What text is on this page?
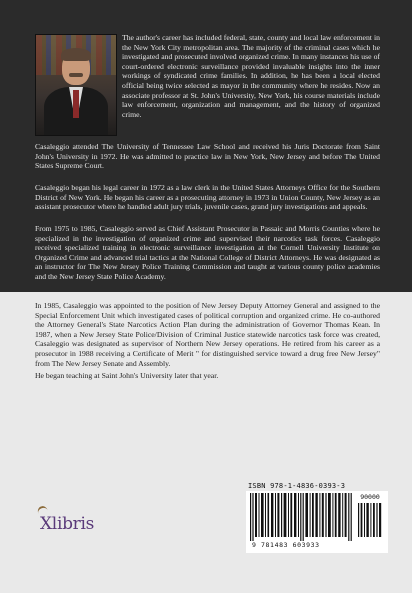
The author's career has included federal, state, county and local law enforcement in the New York City metropolitan area. The majority of the criminal cases which he investigated and prosecuted involved organized crime. In many instances his use of court-ordered electronic surveillance provided invaluable insights into the inner workings of syndicated crime families. In addition, he has been a local elected official being twice selected as mayor in the community where he resides. Now an associate professor at St. John's University, New York, his course materials include law enforcement, organization and management, and the history of organized crime.

Casaleggio attended The University of Tennessee Law School and received his Juris Doctorate from Saint John's University in 1972. He was admitted to practice law in New York, New Jersey and before The United States Supreme Court.

Casaleggio began his legal career in 1972 as a law clerk in the United States Attorneys Office for the Southern District of New York. He began his career as a prosecuting attorney in 1973 in Union County, New Jersey as an assistant prosecutor where he handled adult jury trials, juvenile cases, grand jury investigations and appeals.

From 1975 to 1985, Casaleggio served as Chief Assistant Prosecutor in Passaic and Morris Counties where he specialized in the investigation of organized crime and supervised their narcotics task forces. Casaleggio received specialized training in electronic surveillance investigation at the Cornell University Institute on Organized Crime and advanced trial tactics at the National College of District Attorneys. He was designated as an instructor for The New Jersey Police Training Commission and taught at various county police academies and the New Jersey State Police Academy.

In 1985, Casaleggio was appointed to the position of New Jersey Deputy Attorney General and assigned to the Special Enforcement Unit which investigated cases of political corruption and organized crime. He co-authored the Attorney General's State Narcotics Action Plan during the administration of Governor Thomas Kean. In 1987, when a New Jersey State Police/Division of Criminal Justice statewide narcotics task force was created, Casaleggio was designated as supervisor of Northern New Jersey operations. He retired from his career as a prosecutor in 1988 receiving a Certificate of Merit " for distinguished service toward a drug free New Jersey" from The New Jersey Senate and Assembly.

He began teaching at Saint John's University later that year.

Xlibris
ISBN 978-1-4836-0393-3
90000
9 781483 603933
